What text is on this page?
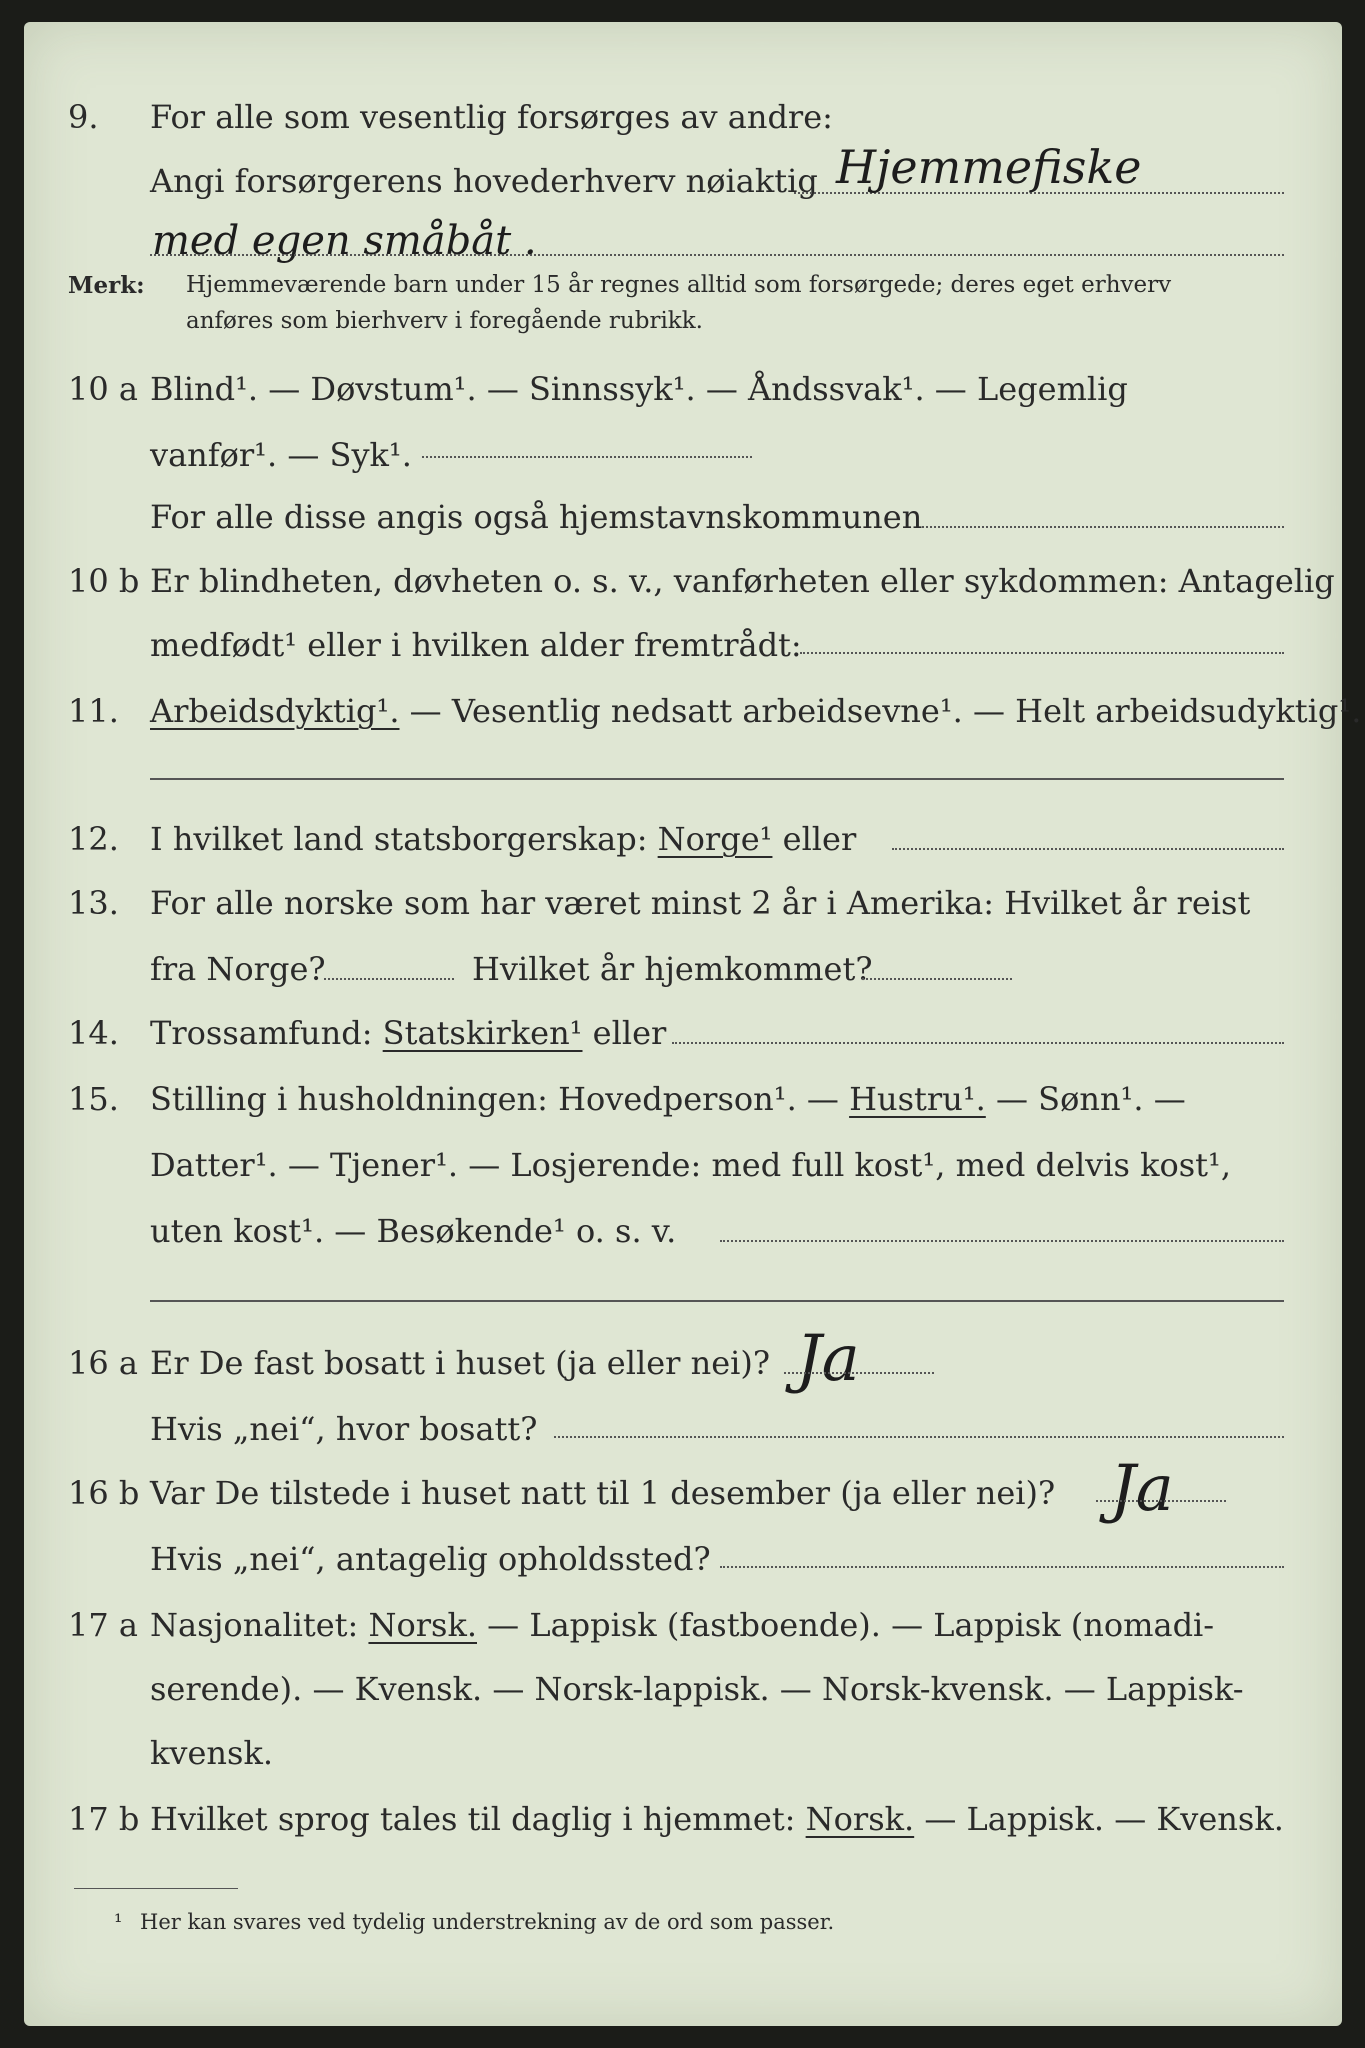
9. For alle som vesentlig forsørges av andre:
Angi forsørgerens hovederhverv nøiaktig Hjemmefiske
med egen småbåt .
Merk: Hjemmeværende barn under 15 år regnes alltid som forsørgede; deres eget erhverv
anføres som bierhverv i foregående rubrikk.
10 a Blind¹. — Døvstum¹. — Sinnssyk¹. — Åndssvak¹. — Legemlig
vanfør¹. — Syk¹.
For alle disse angis også hjemstavnskommunen
10 b Er blindheten, døvheten o. s. v., vanførheten eller sykdommen: Antagelig
medfødt¹ eller i hvilken alder fremtrådt:
11. Arbeidsdyktig¹. — Vesentlig nedsatt arbeidsevne¹. — Helt arbeidsudyktig¹.
12. I hvilket land statsborgerskap: Norge¹ eller
13. For alle norske som har været minst 2 år i Amerika: Hvilket år reist
fra Norge?	Hvilket år hjemkommet?
14. Trossamfund: Statskirken¹ eller
15. Stilling i husholdningen: Hovedperson¹. — Hustru¹. — Sønn¹. —
Datter¹. — Tjener¹. — Losjerende: med full kost¹, med delvis kost¹,
uten kost¹. — Besøkende¹ o. s. v.
16 a Er De fast bosatt i huset (ja eller nei)? Ja
Hvis „nei“, hvor bosatt?
16 b Var De tilstede i huset natt til 1 desember (ja eller nei)? Ja
Hvis „nei“, antagelig opholdssted?
17 a Nasjonalitet: Norsk. — Lappisk (fastboende). — Lappisk (nomadi-
serende). — Kvensk. — Norsk-lappisk. — Norsk-kvensk. — Lappisk-
kvensk.
17 b Hvilket sprog tales til daglig i hjemmet: Norsk. — Lappisk. — Kvensk.
¹ Her kan svares ved tydelig understrekning av de ord som passer.
